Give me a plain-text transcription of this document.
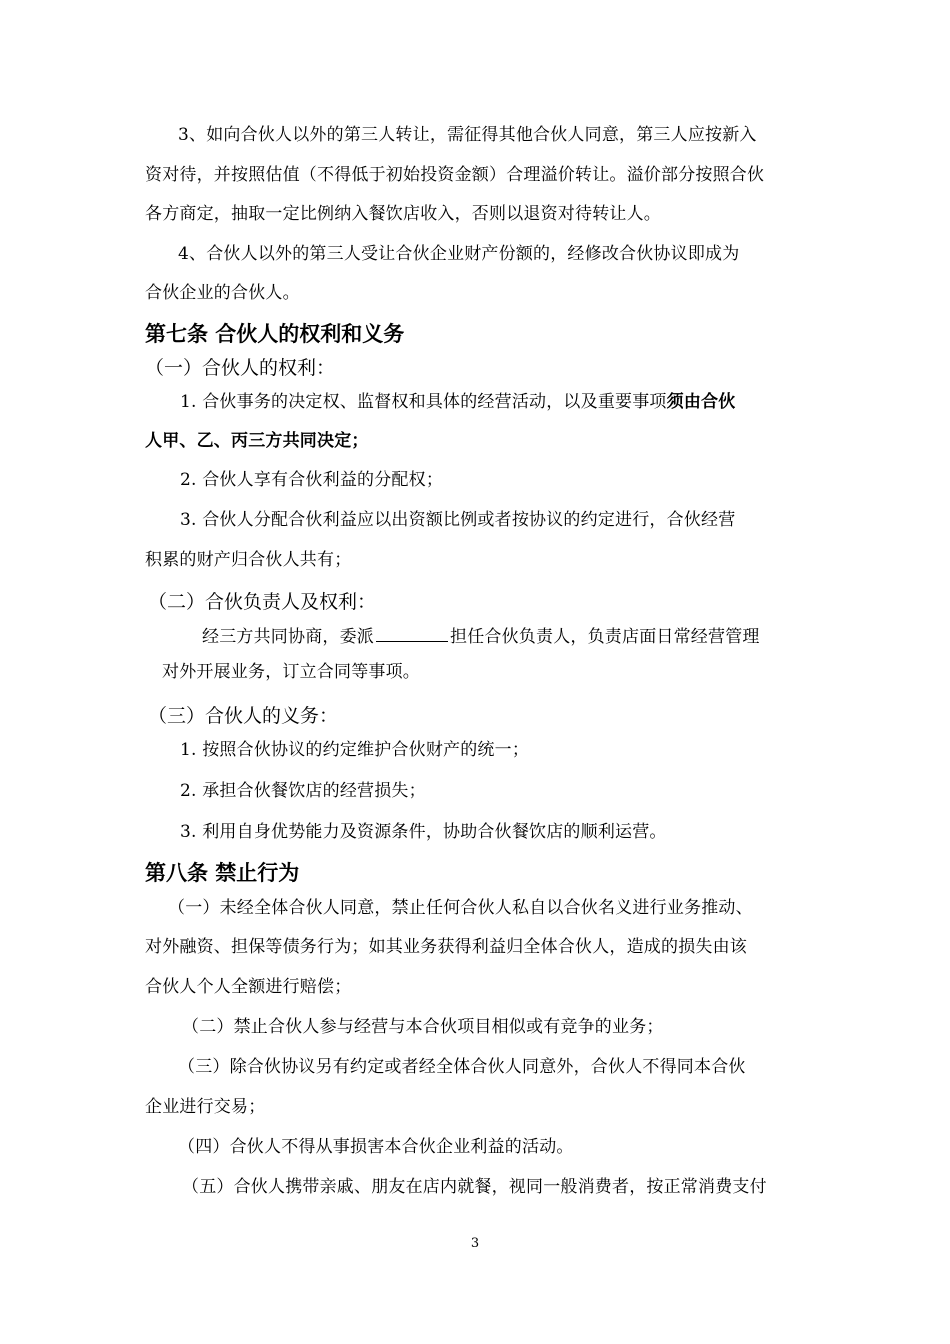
3、如向合伙人以外的第三人转让，需征得其他合伙人同意，第三人应按新入
资对待，并按照估值（不得低于初始投资金额）合理溢价转让。溢价部分按照合伙
各方商定，抽取一定比例纳入餐饮店收入，否则以退资对待转让人。
4、合伙人以外的第三人受让合伙企业财产份额的，经修改合伙协议即成为
合伙企业的合伙人。
第七条 合伙人的权利和义务
（一）合伙人的权利：
1. 合伙事务的决定权、监督权和具体的经营活动，以及重要事项须由合伙
人甲、乙、丙三方共同决定；
2. 合伙人享有合伙利益的分配权；
3. 合伙人分配合伙利益应以出资额比例或者按协议的约定进行，合伙经营
积累的财产归合伙人共有；
（二）合伙负责人及权利：
经三方共同协商，委派	担任合伙负责人，负责店面日常经营管理
对外开展业务，订立合同等事项。
（三）合伙人的义务：
1. 按照合伙协议的约定维护合伙财产的统一；
2. 承担合伙餐饮店的经营损失；
3. 利用自身优势能力及资源条件，协助合伙餐饮店的顺利运营。
第八条 禁止行为
（一）未经全体合伙人同意，禁止任何合伙人私自以合伙名义进行业务推动、
对外融资、担保等债务行为；如其业务获得利益归全体合伙人，造成的损失由该
合伙人个人全额进行赔偿；
（二）禁止合伙人参与经营与本合伙项目相似或有竞争的业务；
（三）除合伙协议另有约定或者经全体合伙人同意外，合伙人不得同本合伙
企业进行交易；
（四）合伙人不得从事损害本合伙企业利益的活动。
（五）合伙人携带亲戚、朋友在店内就餐，视同一般消费者，按正常消费支付
3
